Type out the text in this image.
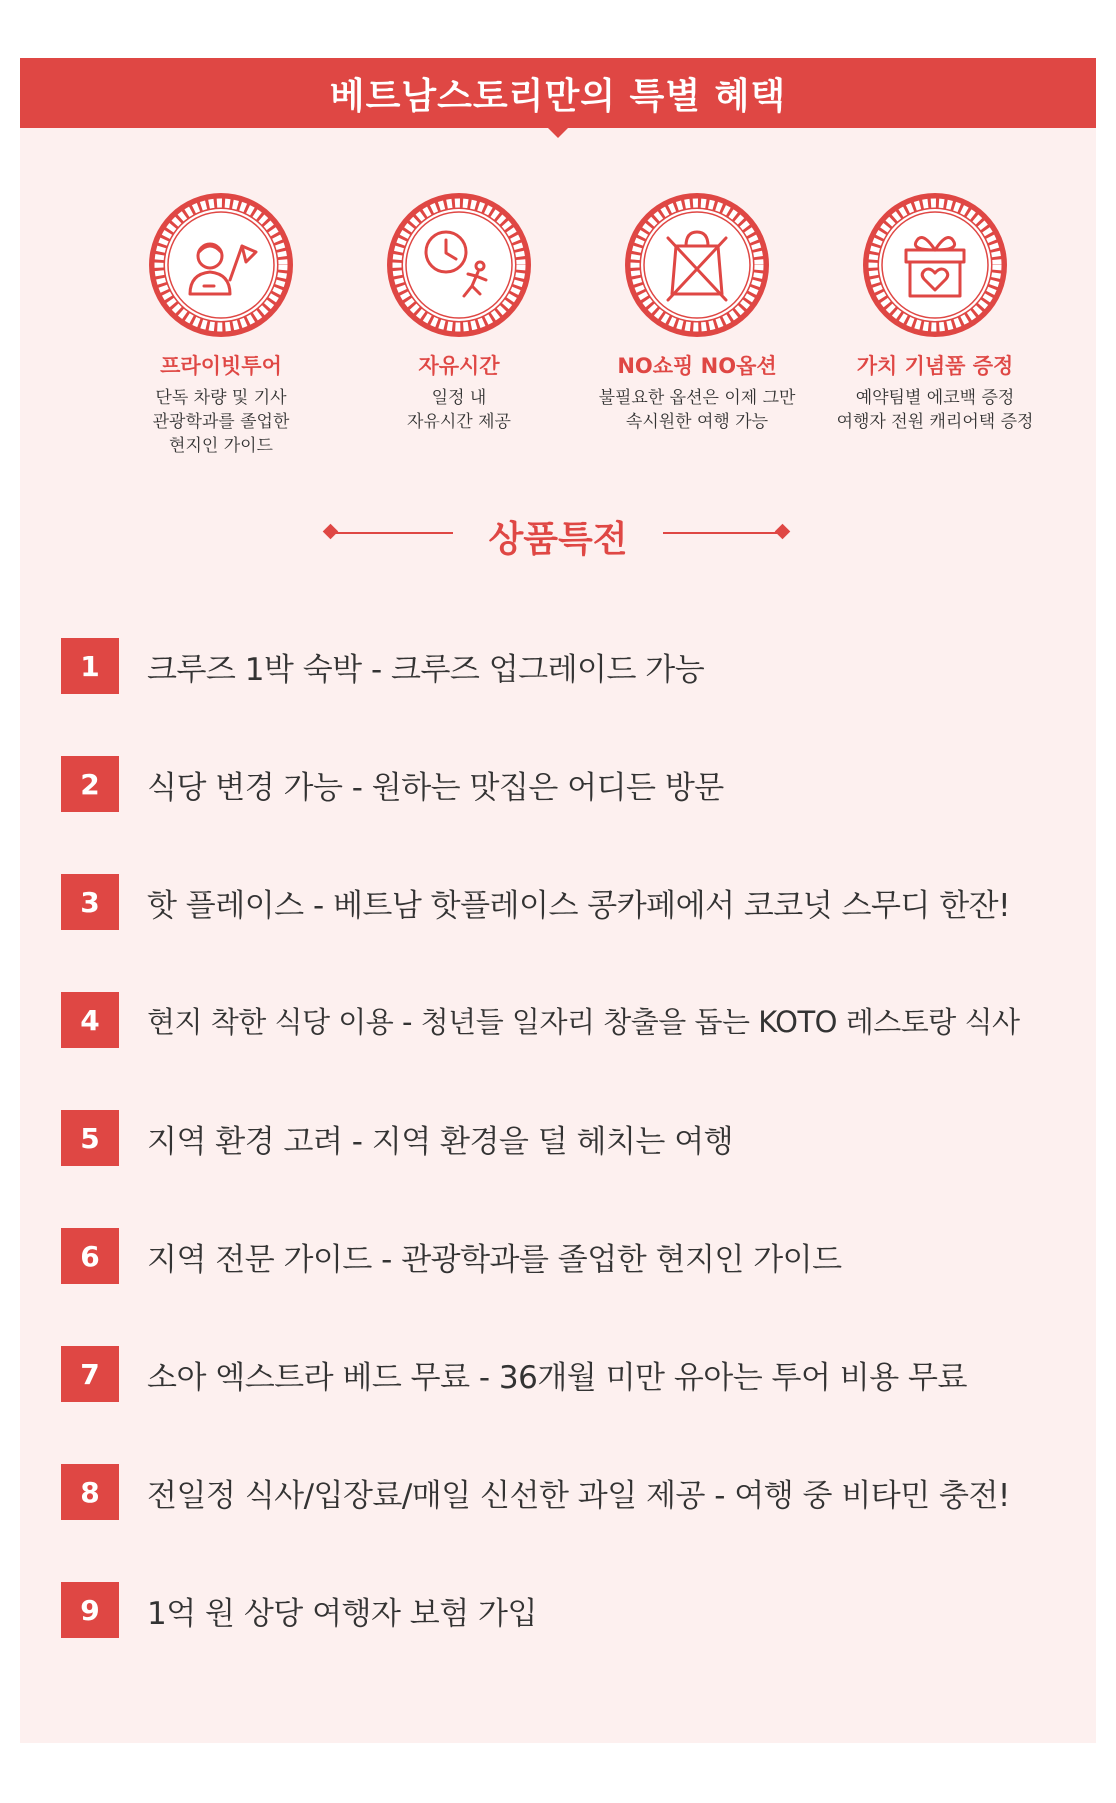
베트남스토리만의 특별 혜택
프라이빗투어
단독 차량 및 기사
관광학과를 졸업한
현지인 가이드
자유시간
일정 내
자유시간 제공
NO쇼핑 NO옵션
불필요한 옵션은 이제 그만
속시원한 여행 가능
가치 기념품 증정
예약팀별 에코백 증정
여행자 전원 캐리어택 증정
상품특전
1	크루즈 1박 숙박 - 크루즈 업그레이드 가능
2	식당 변경 가능 - 원하는 맛집은 어디든 방문
3	핫 플레이스 - 베트남 핫플레이스 콩카페에서 코코넛 스무디 한잔!
4	현지 착한 식당 이용 - 청년들 일자리 창출을 돕는 KOTO 레스토랑 식사
5	지역 환경 고려 - 지역 환경을 덜 헤치는 여행
6	지역 전문 가이드 - 관광학과를 졸업한 현지인 가이드
7	소아 엑스트라 베드 무료 - 36개월 미만 유아는 투어 비용 무료
8	전일정 식사/입장료/매일 신선한 과일 제공 - 여행 중 비타민 충전!
9	1억 원 상당 여행자 보험 가입
